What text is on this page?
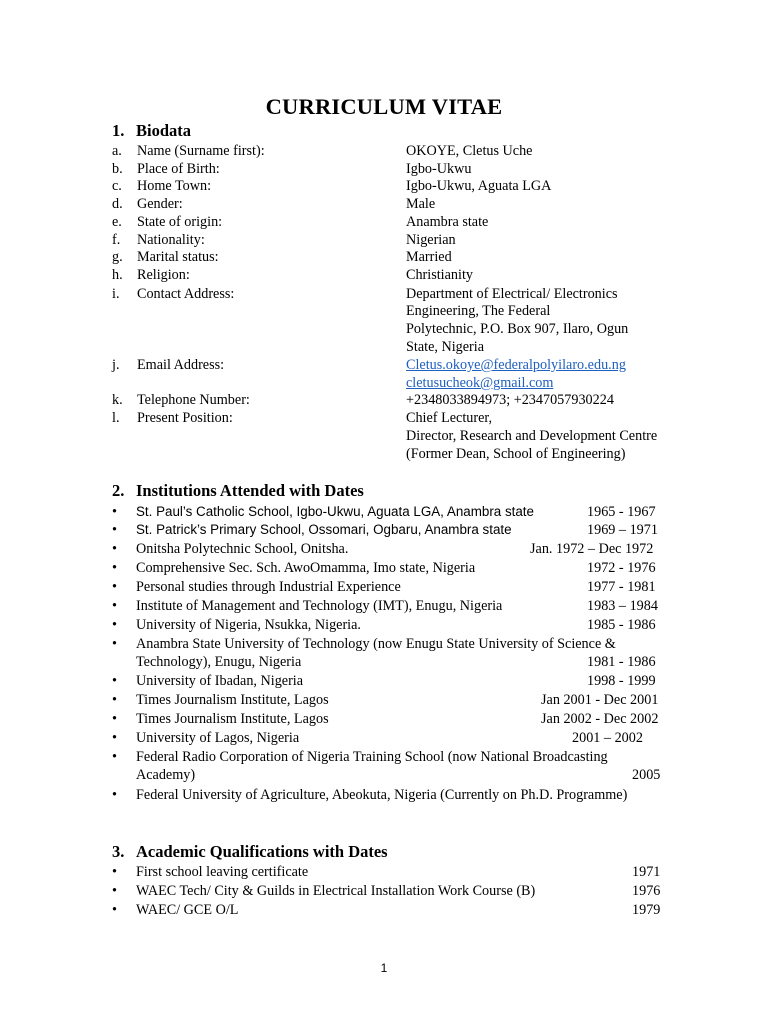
CURRICULUM VITAE
1. Biodata
a. Name (Surname first):	OKOYE, Cletus Uche
b. Place of Birth:	Igbo-Ukwu
c. Home Town:	Igbo-Ukwu, Aguata LGA
d. Gender:	Male
e. State of origin:	Anambra state
f. Nationality:	Nigerian
g. Marital status:	Married
h. Religion:	Christianity
i. Contact Address:	Department of Electrical/ Electronics
Engineering, The Federal
Polytechnic, P.O. Box 907, Ilaro, Ogun
State, Nigeria
j. Email Address:	Cletus.okoye@federalpolyilaro.edu.ng
cletusucheok@gmail.com
k. Telephone Number:	+2348033894973; +2347057930224
l. Present Position:	Chief Lecturer,
Director, Research and Development Centre
(Former Dean, School of Engineering)
2. Institutions Attended with Dates
• St. Paul’s Catholic School, Igbo-Ukwu, Aguata LGA, Anambra state	1965 - 1967
• St. Patrick’s Primary School, Ossomari, Ogbaru, Anambra state	1969 – 1971
• Onitsha Polytechnic School, Onitsha.	Jan. 1972 – Dec 1972
• Comprehensive Sec. Sch. AwoOmamma, Imo state, Nigeria	1972 - 1976
• Personal studies through Industrial Experience	1977 - 1981
• Institute of Management and Technology (IMT), Enugu, Nigeria	1983 – 1984
• University of Nigeria, Nsukka, Nigeria.	1985 - 1986
• Anambra State University of Technology (now Enugu State University of Science &
Technology), Enugu, Nigeria	1981 - 1986
• University of Ibadan, Nigeria	1998 - 1999
• Times Journalism Institute, Lagos	Jan 2001 - Dec 2001
• Times Journalism Institute, Lagos	Jan 2002 - Dec 2002
• University of Lagos, Nigeria	2001 – 2002
• Federal Radio Corporation of Nigeria Training School (now National Broadcasting
Academy)	2005
• Federal University of Agriculture, Abeokuta, Nigeria (Currently on Ph.D. Programme)
3. Academic Qualifications with Dates
• First school leaving certificate	1971
• WAEC Tech/ City & Guilds in Electrical Installation Work Course (B)	1976
• WAEC/ GCE O/L	1979
1
